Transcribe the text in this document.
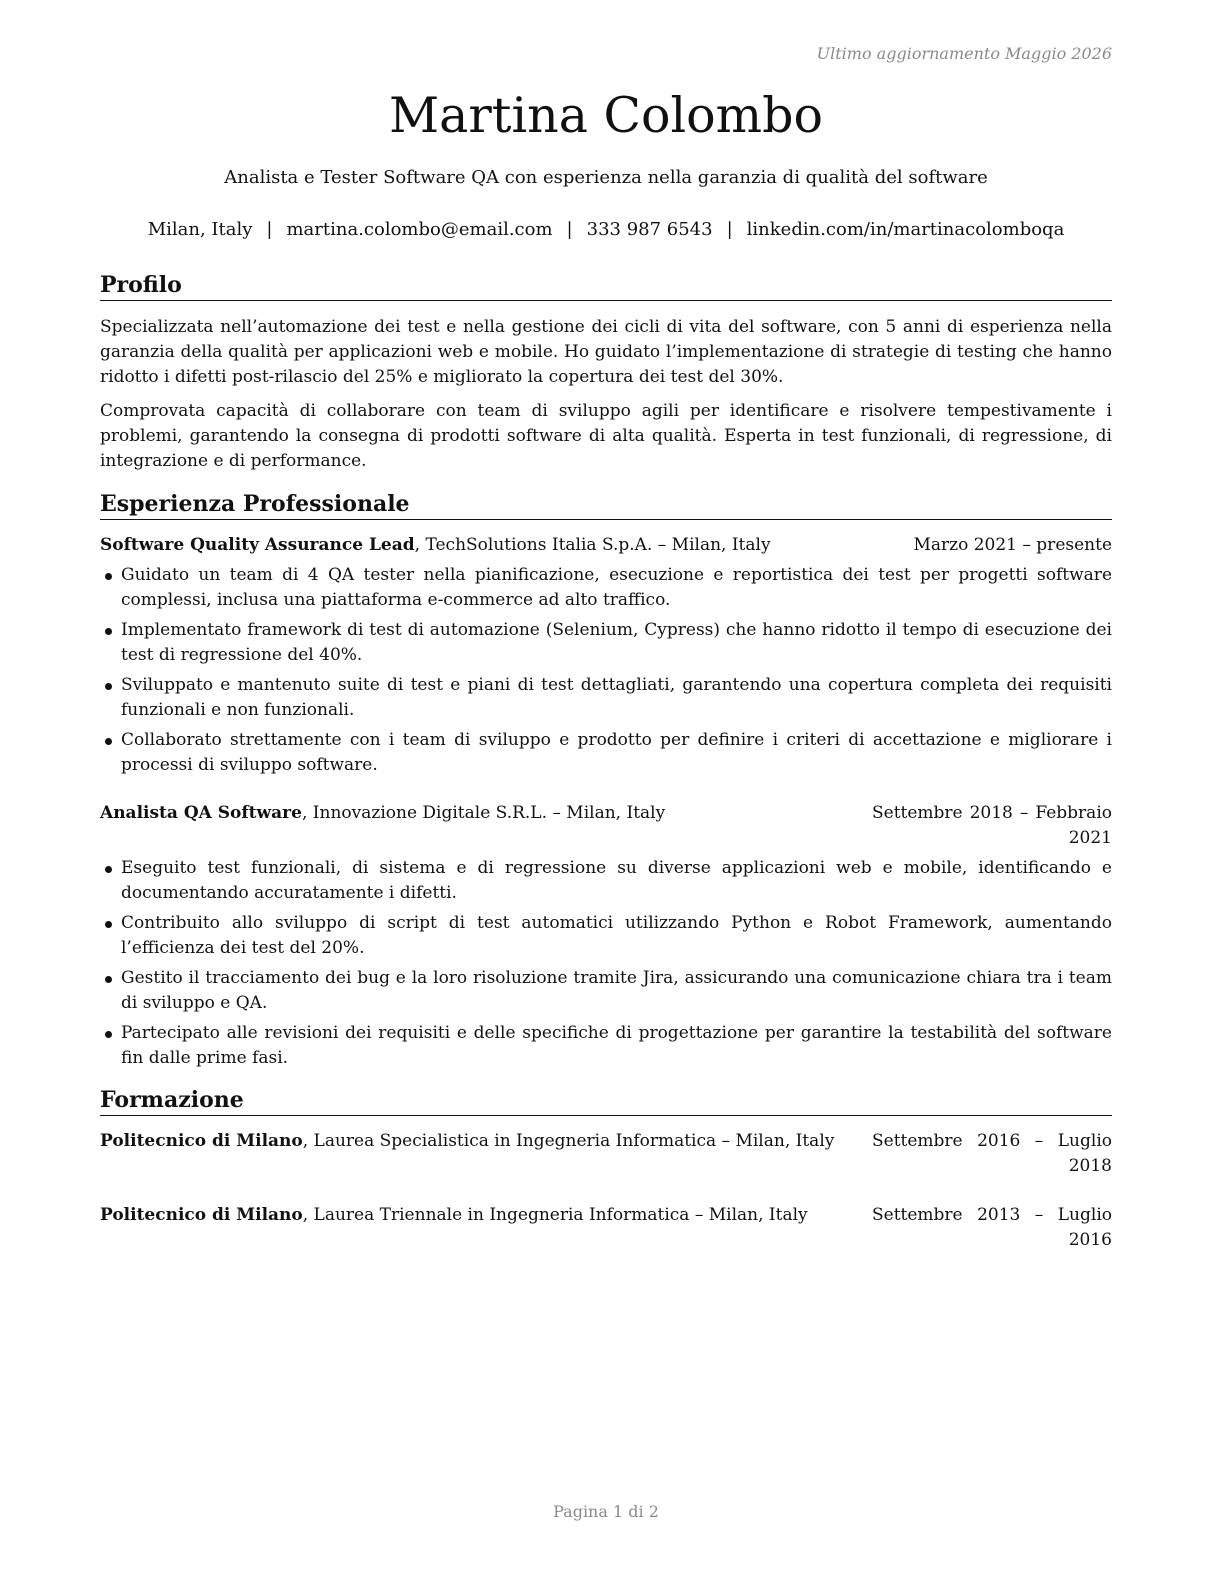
Ultimo aggiornamento Maggio 2026
Martina Colombo
Analista e Tester Software QA con esperienza nella garanzia di qualità del software
Milan, Italy | martina.colombo@email.com | 333 987 6543 | linkedin.com/in/martinacolomboqa
Profilo

Specializzata nell’automazione dei test e nella gestione dei cicli di vita del software, con 5 anni di esperienza nella garanzia della qualità per applicazioni web e mobile. Ho guidato l’implementazione di strategie di testing che hanno ridotto i difetti post-rilascio del 25% e migliorato la copertura dei test del 30%.

Comprovata capacità di collaborare con team di sviluppo agili per identificare e risolvere tempestivamente i problemi, garantendo la consegna di prodotti software di alta qualità. Esperta in test funzionali, di regressione, di integrazione e di performance.

Esperienza Professionale
Software Quality Assurance Lead, TechSolutions Italia S.p.A. – Milan, Italy	Marzo 2021 – presente
Guidato un team di 4 QA tester nella pianificazione, esecuzione e reportistica dei test per progetti software complessi, inclusa una piattaforma e-commerce ad alto traffico.
Implementato framework di test di automazione (Selenium, Cypress) che hanno ridotto il tempo di esecuzione dei test di regressione del 40%.
Sviluppato e mantenuto suite di test e piani di test dettagliati, garantendo una copertura completa dei requisiti funzionali e non funzionali.
Collaborato strettamente con i team di sviluppo e prodotto per definire i criteri di accettazione e migliorare i processi di sviluppo software.
Analista QA Software, Innovazione Digitale S.R.L. – Milan, Italy	Settembre 2018 – Febbraio 2021
Eseguito test funzionali, di sistema e di regressione su diverse applicazioni web e mobile, identificando e documentando accuratamente i difetti.
Contribuito allo sviluppo di script di test automatici utilizzando Python e Robot Framework, aumentando l’efficienza dei test del 20%.
Gestito il tracciamento dei bug e la loro risoluzione tramite Jira, assicurando una comunicazione chiara tra i team di sviluppo e QA.
Partecipato alle revisioni dei requisiti e delle specifiche di progettazione per garantire la testabilità del software fin dalle prime fasi.
Formazione
Politecnico di Milano, Laurea Specialistica in Ingegneria Informatica – Milan, Italy Settembre 2016 – Luglio 2018
Politecnico di Milano, Laurea Triennale in Ingegneria Informatica – Milan, Italy	Settembre 2013 – Luglio 2016
Pagina 1 di 2
